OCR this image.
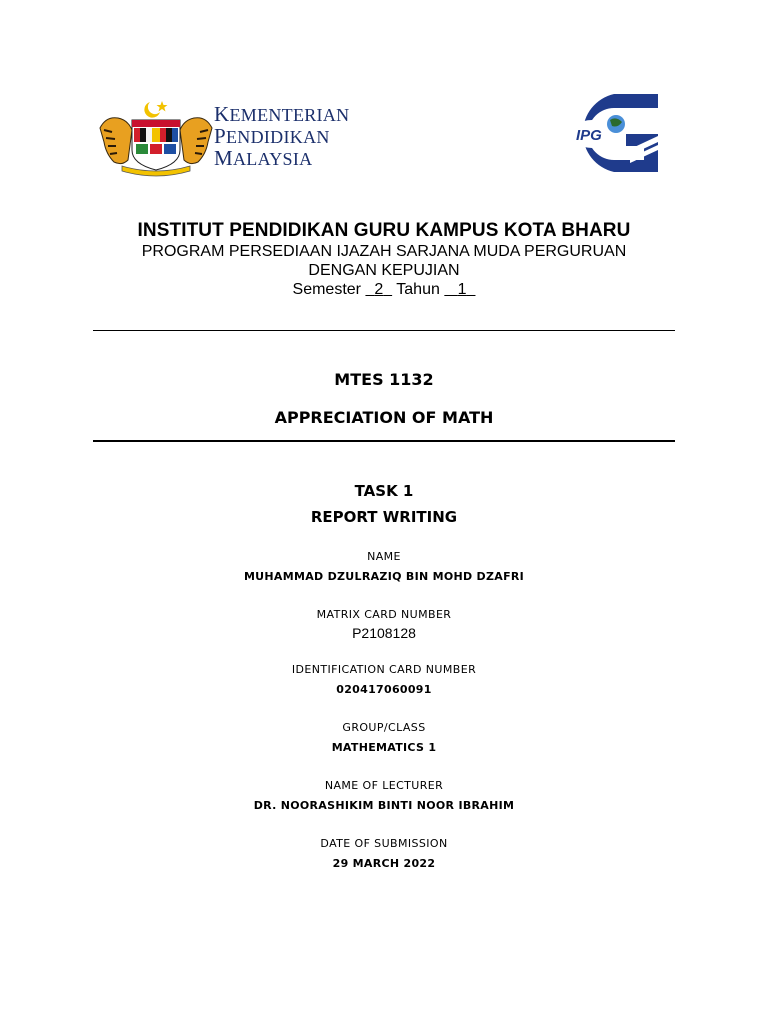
KEMENTERIAN
PENDIDIKAN
MALAYSIA
IPG
INSTITUT PENDIDIKAN GURU KAMPUS KOTA BHARU
PROGRAM PERSEDIAAN IJAZAH SARJANA MUDA PERGURUAN
DENGAN KEPUJIAN
Semester 2 Tahun 1
MTES 1132
APPRECIATION OF MATH
TASK 1
REPORT WRITING
NAME
MUHAMMAD DZULRAZIQ BIN MOHD DZAFRI
MATRIX CARD NUMBER
P2108128
IDENTIFICATION CARD NUMBER
020417060091
GROUP/CLASS
MATHEMATICS 1
NAME OF LECTURER
DR. NOORASHIKIM BINTI NOOR IBRAHIM
DATE OF SUBMISSION
29 MARCH 2022
